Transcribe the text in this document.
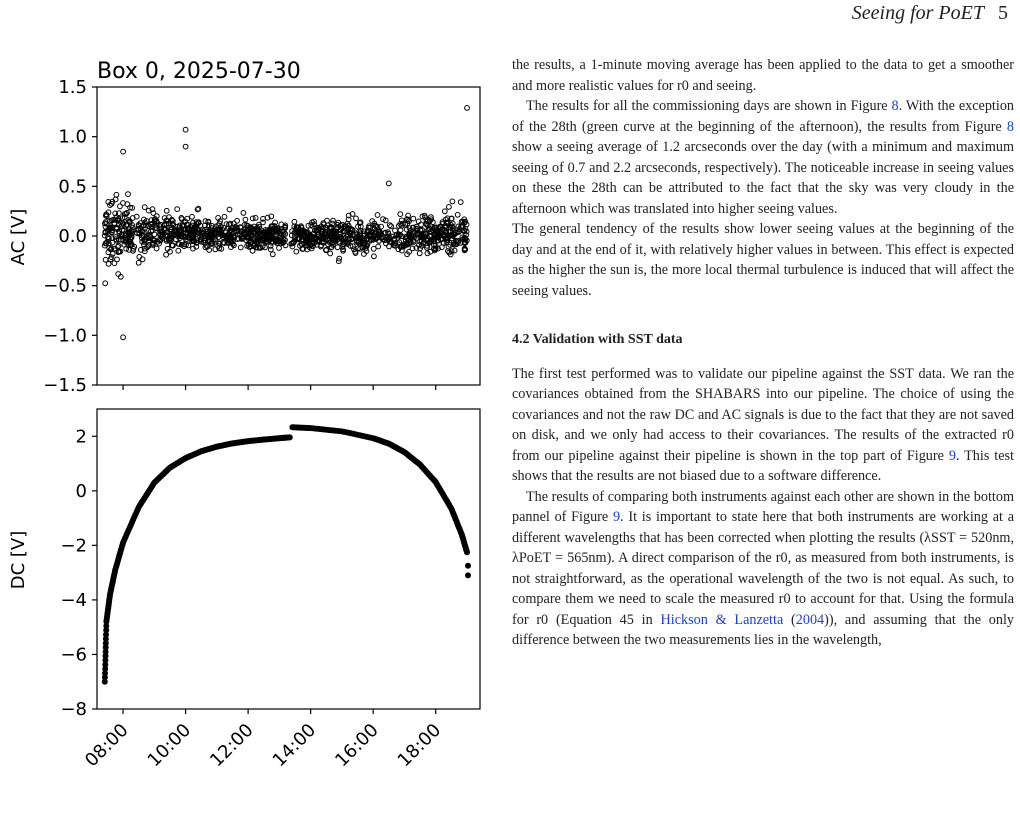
Seeing for PoET 5
Box 0, 2025-07-30
1.5
1.0
0.5
0.0
−0.5
−1.0
−1.5
AC [V]
2
0
−2
−4
−6
−8
DC [V]
08:00 10:00 12:00 14:00 16:00 18:00

the results, a 1-minute moving average has been applied to the data to get a smoother and more realistic values for r0 and seeing.

The results for all the commissioning days are shown in Figure 8. With the exception of the 28th (green curve at the beginning of the afternoon), the results from Figure 8 show a seeing average of 1.2 arcseconds over the day (with a minimum and maximum seeing of 0.7 and 2.2 arcseconds, respectively). The noticeable increase in seeing values on these the 28th can be attributed to the fact that the sky was very cloudy in the afternoon which was translated into higher seeing values.

The general tendency of the results show lower seeing values at the beginning of the day and at the end of it, with relatively higher values in between. This effect is expected as the higher the sun is, the more local thermal turbulence is induced that will affect the seeing values.

4.2 Validation with SST data

The first test performed was to validate our pipeline against the SST data. We ran the covariances obtained from the SHABARS into our pipeline. The choice of using the covariances and not the raw DC and AC signals is due to the fact that they are not saved on disk, and we only had access to their covariances. The results of the extracted r0 from our pipeline against their pipeline is shown in the top part of Figure 9. This test shows that the results are not biased due to a software difference.

The results of comparing both instruments against each other are shown in the bottom pannel of Figure 9. It is important to state here that both instruments are working at a different wavelengths that has been corrected when plotting the results (λSST = 520nm, λPoET = 565nm). A direct comparison of the r0, as measured from both instruments, is not straightforward, as the operational wavelength of the two is not equal. As such, to compare them we need to scale the measured r0 to account for that. Using the formula for r0 (Equation 45 in Hickson & Lanzetta (2004)), and assuming that the only difference between the two measurements lies in the wavelength,
